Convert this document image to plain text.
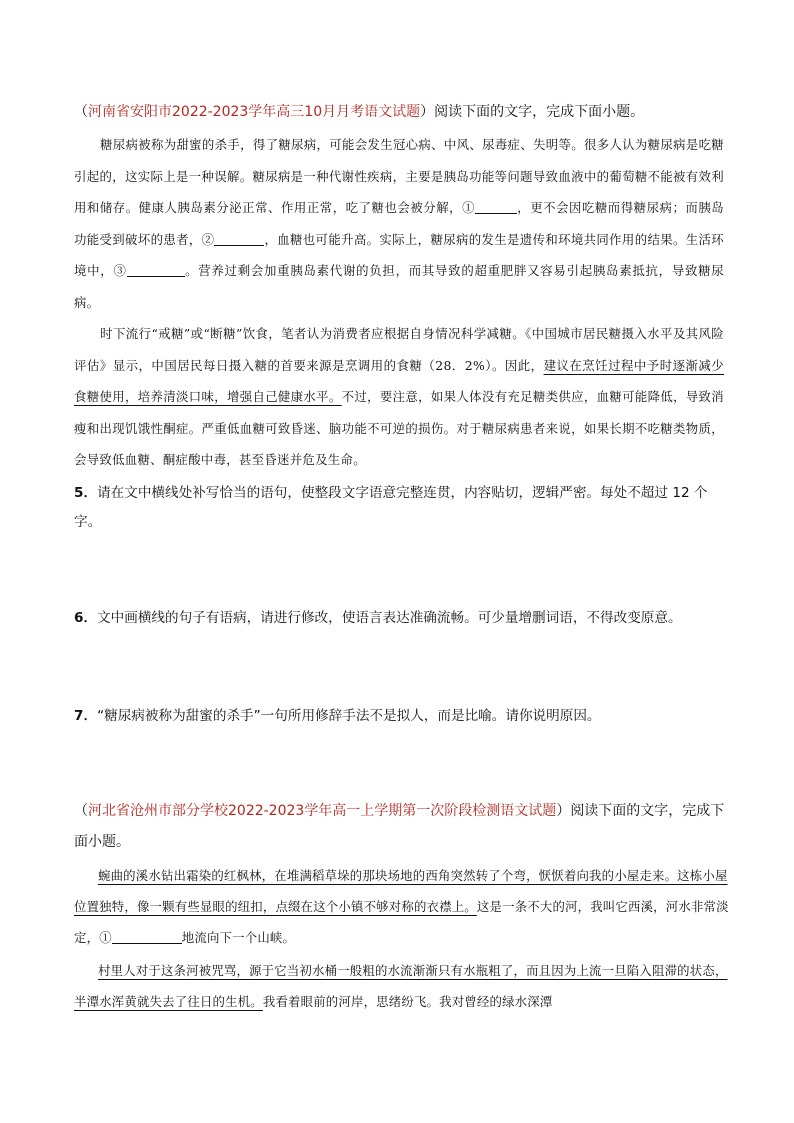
（河南省安阳市2022-2023学年高三10月月考语文试题）阅读下面的文字，完成下面小题。
糖尿病被称为甜蜜的杀手，得了糖尿病，可能会发生冠心病、中风、尿毒症、失明等。很多人认为糖尿病是吃糖引起的，这实际上是一种误解。糖尿病是一种代谢性疾病，主要是胰岛功能等问题导致血液中的葡萄糖不能被有效利用和储存。健康人胰岛素分泌正常、作用正常，吃了糖也会被分解，①	，更不会因吃糖而得糖尿病；而胰岛功能受到破坏的患者，②	，血糖也可能升高。实际上，糖尿病的发生是遗传和环境共同作用的结果。生活环境中，③	。营养过剩会加重胰岛素代谢的负担，而其导致的超重肥胖又容易引起胰岛素抵抗，导致糖尿病。
时下流行“戒糖”或“断糖”饮食，笔者认为消费者应根据自身情况科学减糖。《中国城市居民糖摄入水平及其风险评估》显示，中国居民每日摄入糖的首要来源是烹调用的食糖（28．2%）。因此，建议在烹饪过程中予时逐渐减少食糖使用，培养清淡口味，增强自己健康水平。不过，要注意，如果人体没有充足糖类供应，血糖可能降低，导致消瘦和出现饥饿性酮症。严重低血糖可致昏迷、脑功能不可逆的损伤。对于糖尿病患者来说，如果长期不吃糖类物质，会导致低血糖、酮症酸中毒，甚至昏迷并危及生命。
5．请在文中横线处补写恰当的语句，使整段文字语意完整连贯，内容贴切，逻辑严密。每处不超过 12 个字。
6．文中画横线的句子有语病，请进行修改，使语言表达准确流畅。可少量增删词语，不得改变原意。
7．“糖尿病被称为甜蜜的杀手”一句所用修辞手法不是拟人，而是比喻。请你说明原因。
（河北省沧州市部分学校2022-2023学年高一上学期第一次阶段检测语文试题）阅读下面的文字，完成下面小题。
蜿曲的溪水钻出霜染的红枫林，在堆满稻草垛的那块场地的西角突然转了个弯，恹恹着向我的小屋走来。这栋小屋位置独特，像一颗有些显眼的纽扣，点缀在这个小镇不够对称的衣襟上。这是一条不大的河，我叫它西溪，河水非常淡定，①	地流向下一个山峡。
村里人对于这条河被咒骂，源于它当初水桶一般粗的水流渐渐只有水瓶粗了，而且因为上流一旦陷入阻滞的状态，半潭水浑黄就失去了往日的生机。我看着眼前的河岸，思绪纷飞。我对曾经的绿水深潭
